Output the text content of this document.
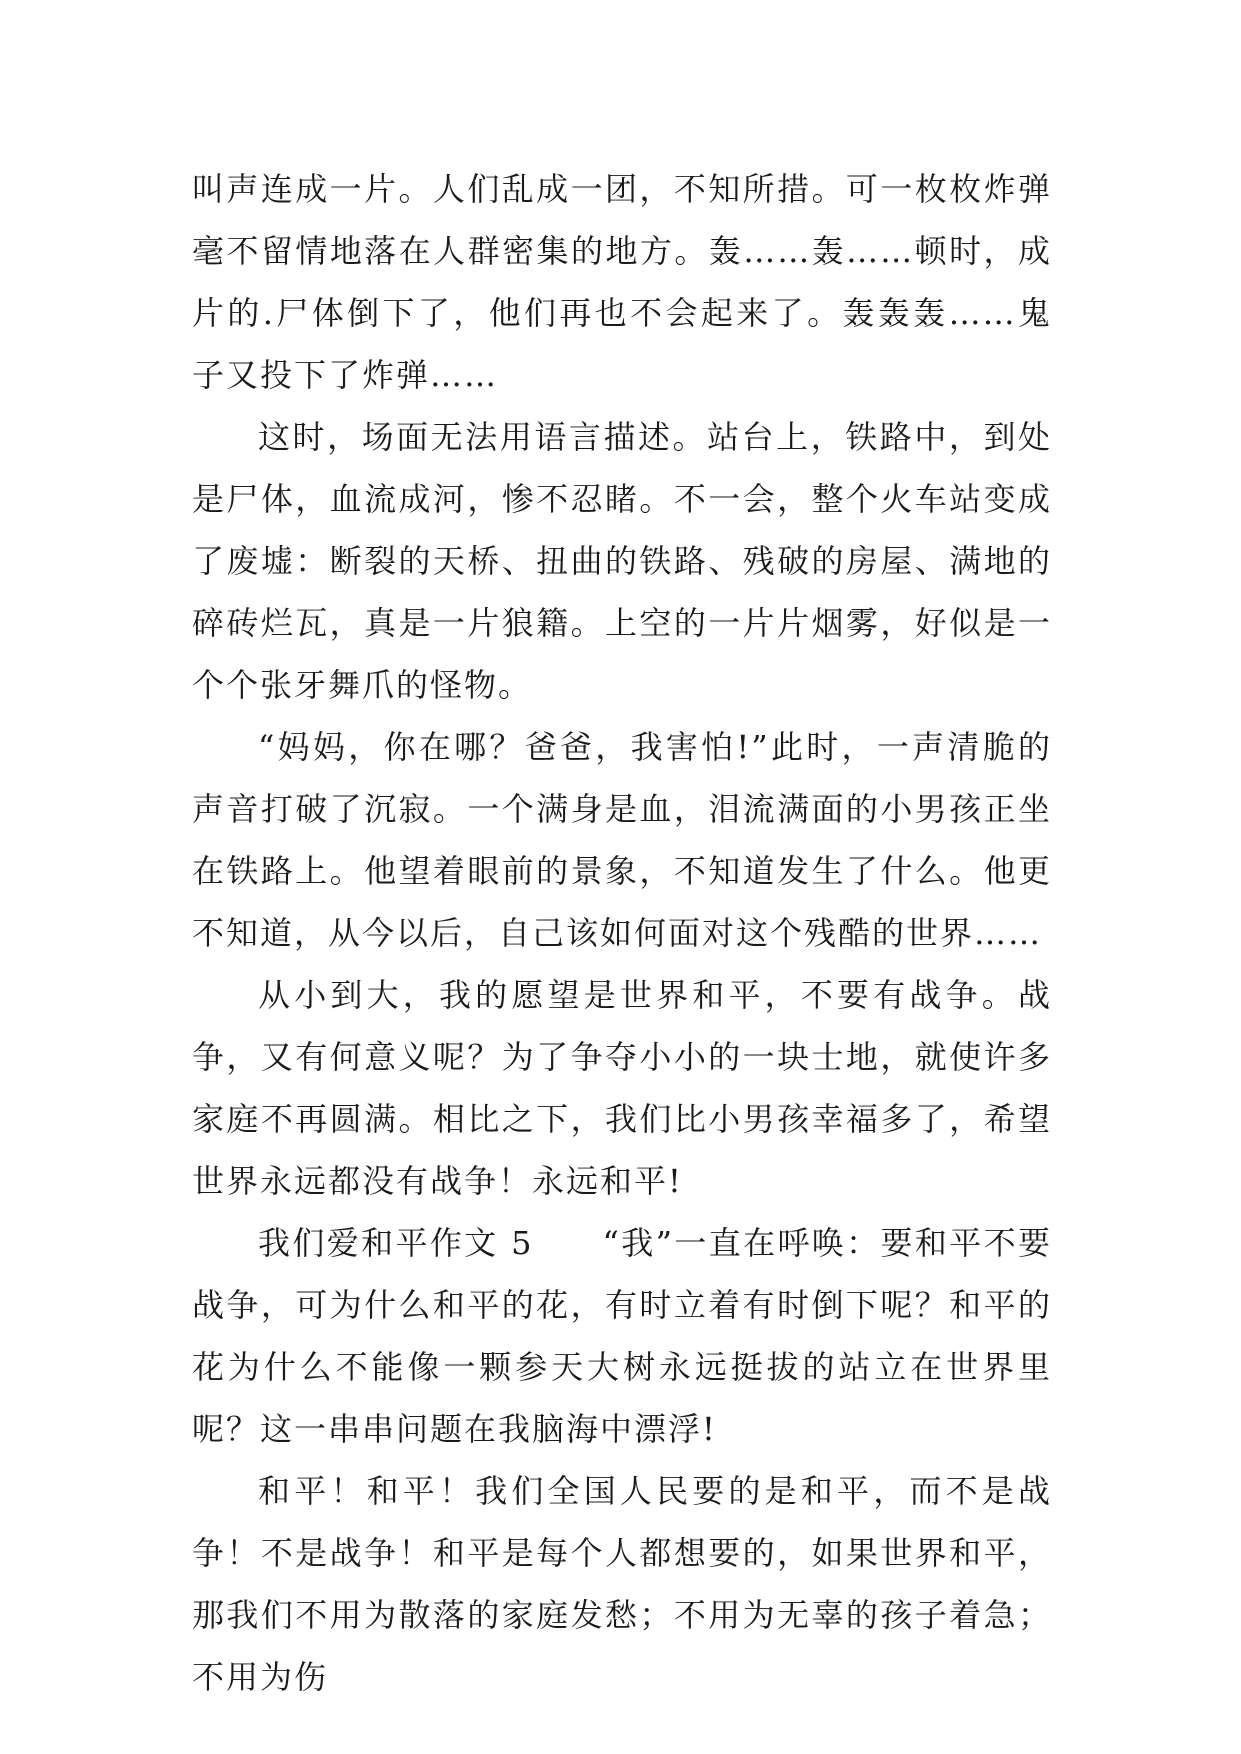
叫声连成一片。人们乱成一团，不知所措。可一枚枚炸弹毫不留情地落在人群密集的地方。轰……轰……顿时，成片的.尸体倒下了，他们再也不会起来了。轰轰轰……鬼子又投下了炸弹……

这时，场面无法用语言描述。站台上，铁路中，到处是尸体，血流成河，惨不忍睹。不一会，整个火车站变成了废墟：断裂的天桥、扭曲的铁路、残破的房屋、满地的碎砖烂瓦，真是一片狼籍。上空的一片片烟雾，好似是一个个张牙舞爪的怪物。

“妈妈，你在哪？爸爸，我害怕!”此时，一声清脆的声音打破了沉寂。一个满身是血，泪流满面的小男孩正坐在铁路上。他望着眼前的景象，不知道发生了什么。他更不知道，从今以后，自己该如何面对这个残酷的世界……

从小到大，我的愿望是世界和平，不要有战争。战争，又有何意义呢？为了争夺小小的一块士地，就使许多家庭不再圆满。相比之下，我们比小男孩幸福多了，希望世界永远都没有战争！永远和平!

我们爱和平作文 5　　“我”一直在呼唤：要和平不要战争，可为什么和平的花，有时立着有时倒下呢？和平的花为什么不能像一颗参天大树永远挺拔的站立在世界里呢？这一串串问题在我脑海中漂浮!

和平！和平！我们全国人民要的是和平，而不是战争！不是战争！和平是每个人都想要的，如果世界和平，那我们不用为散落的家庭发愁；不用为无辜的孩子着急；不用为伤
